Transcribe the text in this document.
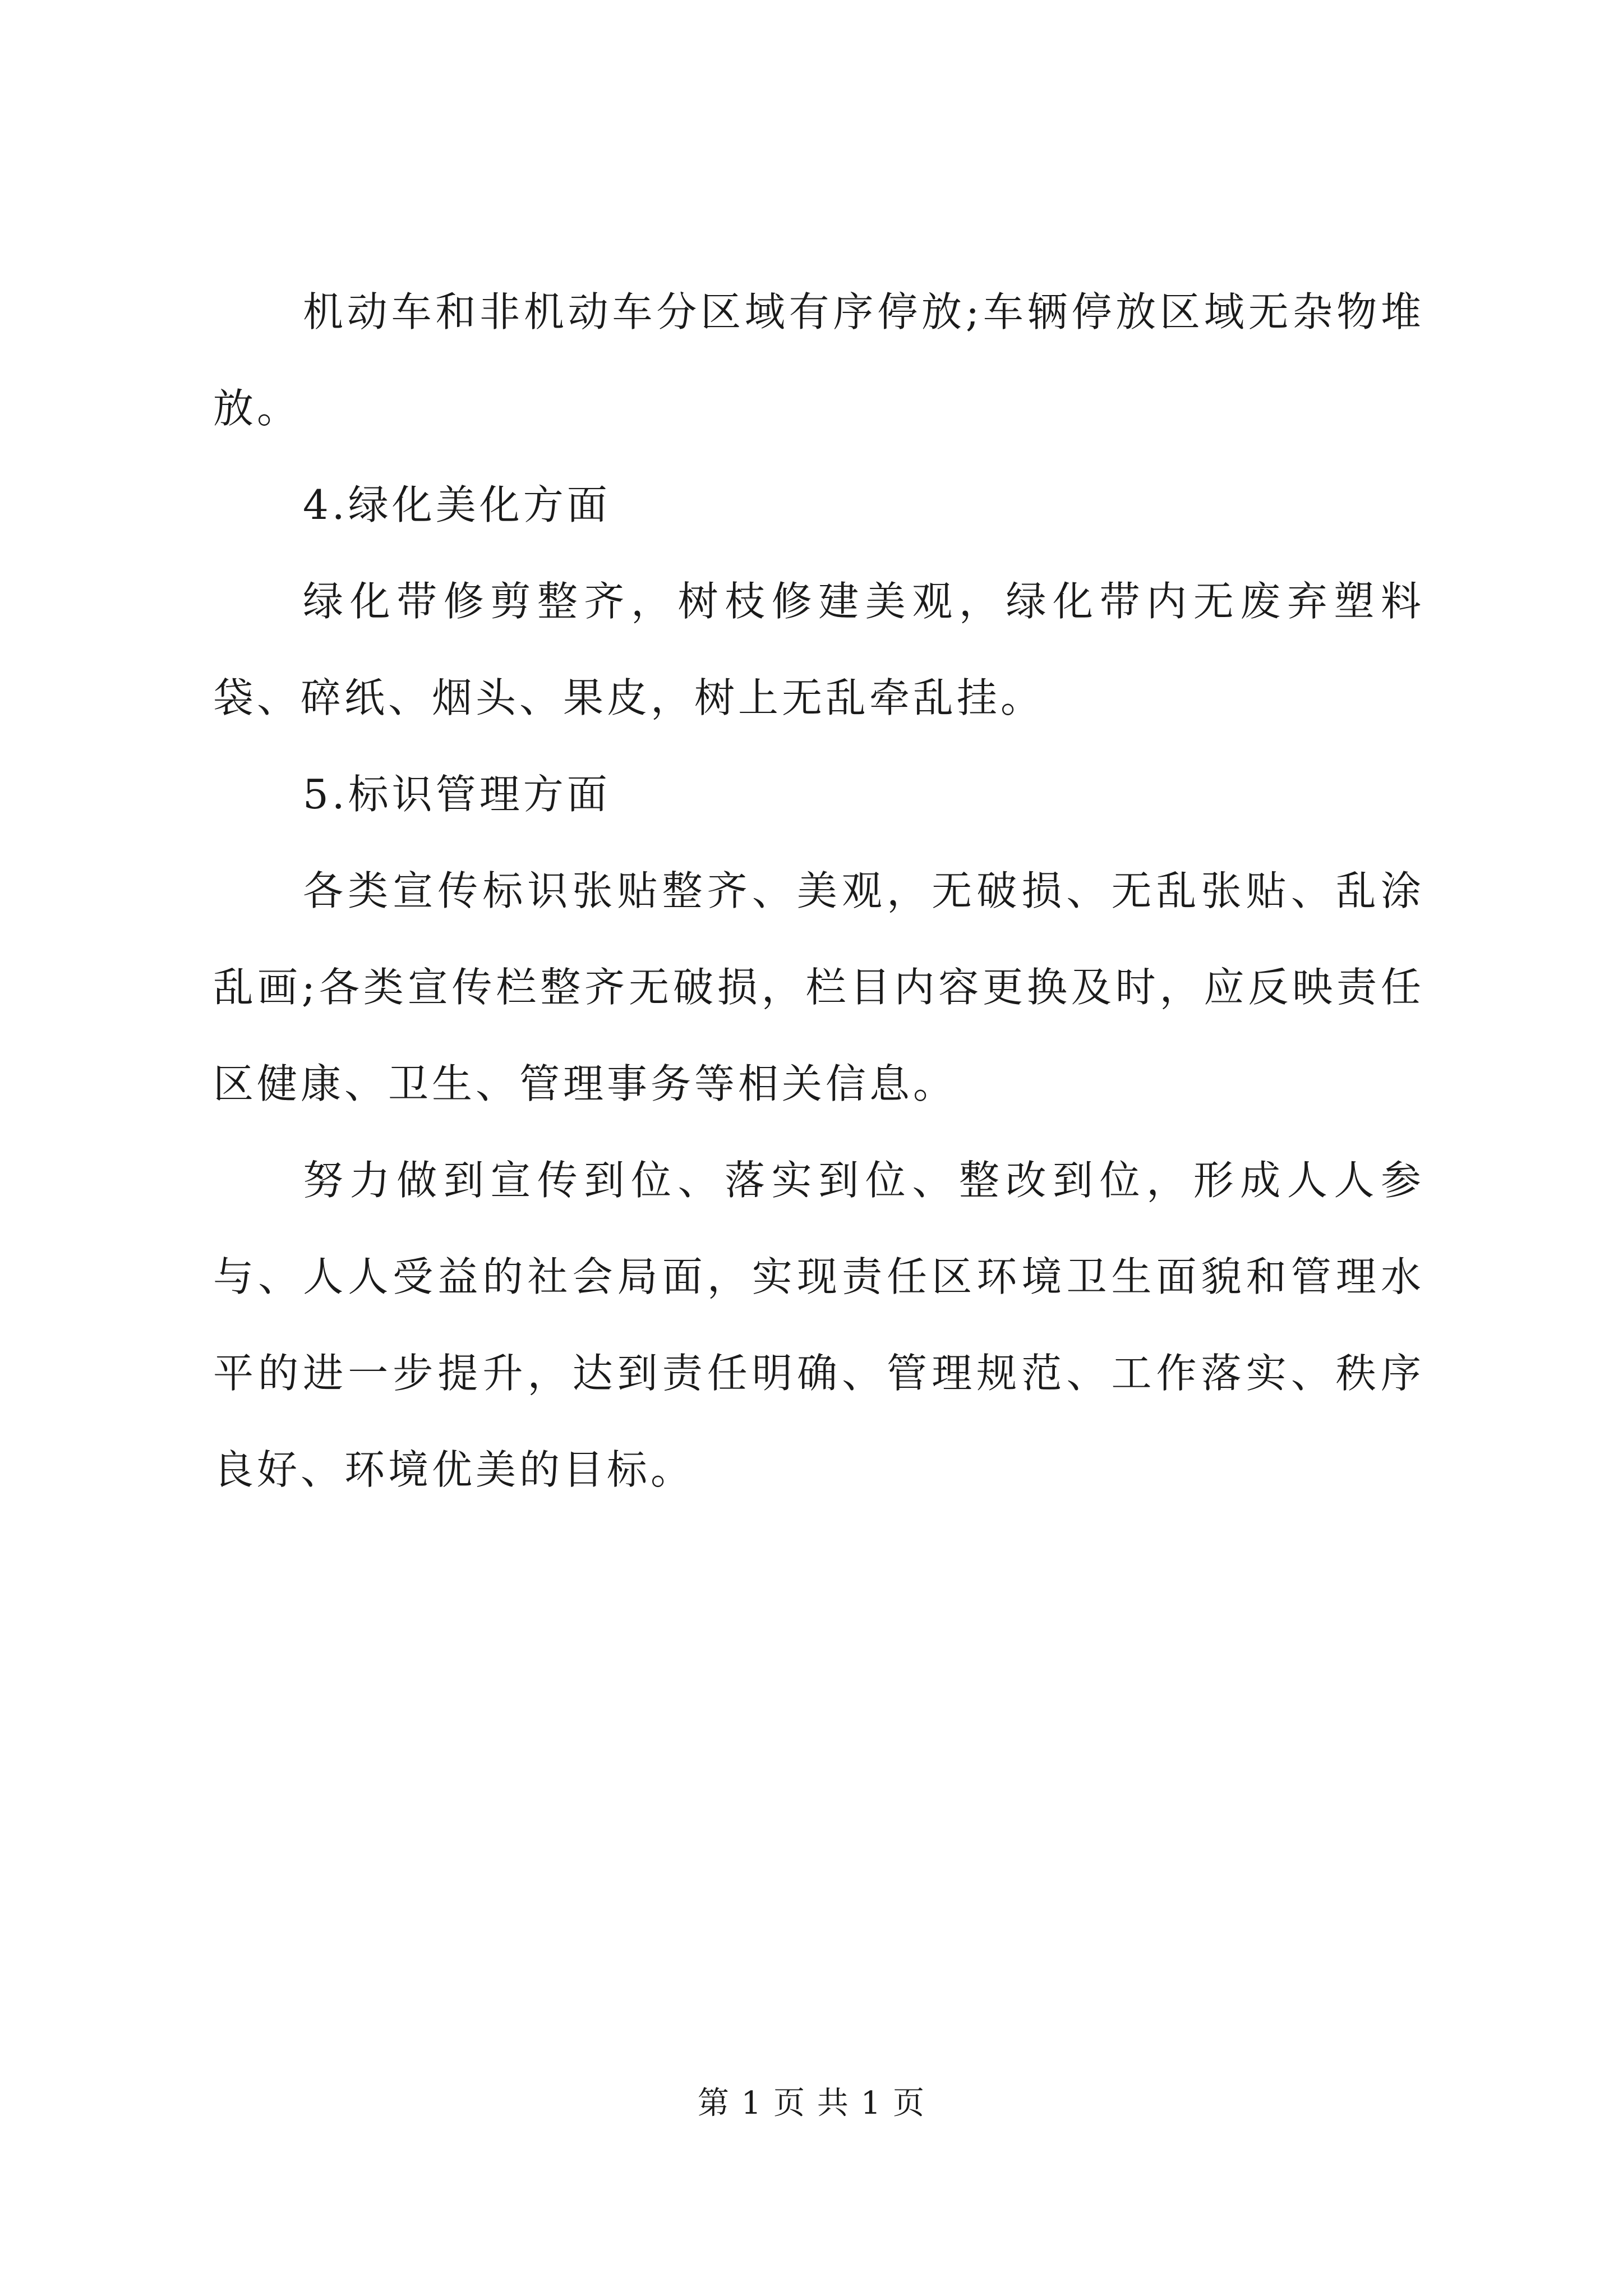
机动车和非机动车分区域有序停放;车辆停放区域无杂物堆放。

4.绿化美化方面

绿化带修剪整齐，树枝修建美观，绿化带内无废弃塑料袋、碎纸、烟头、果皮，树上无乱牵乱挂。

5.标识管理方面

各类宣传标识张贴整齐、美观，无破损、无乱张贴、乱涂乱画;各类宣传栏整齐无破损，栏目内容更换及时，应反映责任区健康、卫生、管理事务等相关信息。

努力做到宣传到位、落实到位、整改到位，形成人人参与、人人受益的社会局面，实现责任区环境卫生面貌和管理水平的进一步提升，达到责任明确、管理规范、工作落实、秩序良好、环境优美的目标。

第 1 页 共 1 页
